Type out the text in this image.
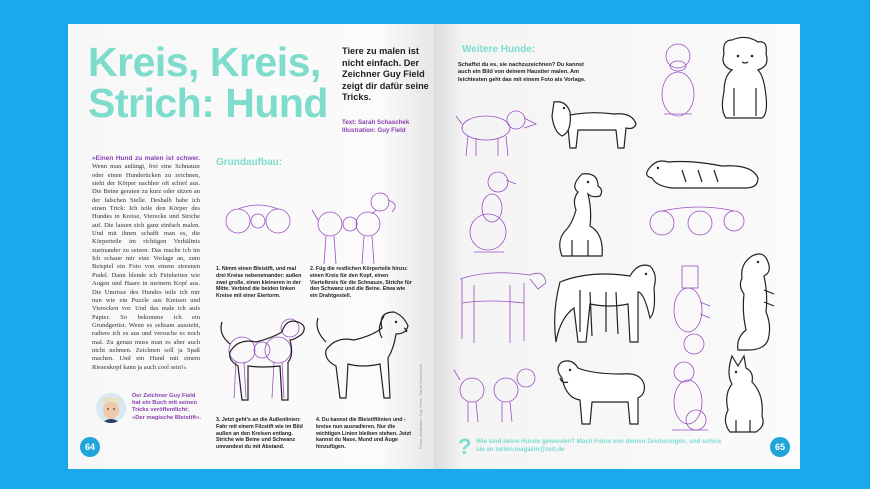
Kreis, Kreis,
Strich: Hund
Tiere zu malen ist nicht einfach. Der Zeichner Guy Field zeigt dir dafür seine Tricks.
Text: Sarah Schaschek
Illustration: Guy Field
»Einen Hund zu malen ist schwer. Wenn man anfängt, frei eine Schnauze oder einen Hunderücken zu zeichnen, sieht der Körper nachher oft schief aus. Die Beine geraten zu kurz oder sitzen an der falschen Stelle. Deshalb habe ich einen Trick: Ich teile den Körper des Hundes in Kreise, Vierecke und Striche auf. Die lassen sich ganz einfach malen. Und mit ihnen schafft man es, die Körperteile im richtigen Verhältnis zueinander zu setzen. Das mache ich im Ich schaue mir eine Vorlage an, zum Beispiel ein Foto von einem streunen Pudel. Dann blende ich Feinheiten wie Augen und Haare in meinem Kopf aus. Die Umrisse des Hundes teile ich mir nun wie ein Puzzle aus Kreisen und Vierecken vor. Und das male ich aufs Papier. So bekomme ich ein Grundgerüst. Wenn es seltsam aussieht, radiere ich es aus und versuche es noch mal. Zu genau muss man es aber auch nicht nehmen. Zeichnen soll ja Spaß machen. Und ein Hund mit einem Riesenkopf kann ja auch cool sein!«
Der Zeichner Guy Field hat ein Buch mit seinen Tricks veröffentlicht: »Der magische Bleistift«.
64
Grundaufbau:
1. Nimm einen Bleistift, und mal drei Kreise nebeneinander: außen zwei große, einen kleineren in der Mitte. Verbind die beiden linken Kreise mit einer Eiertorm.
2. Füg die restlichen Körperteile hinzu: einen Kreis für den Kopf, einen Viertelkreis für die Schnauze, Striche für den Schwanz und die Beine. Etwa wie ein Drahtgestell.
3. Jetzt geht's an die Außenlinien: Fahr mit einem Filzstift wie im Bild außen an den Kreisen entlang. Striche wie Beine und Schwanz umrandest du mit Abstand.
4. Du kannst die Bleistiftlinien und -kreise nun ausradieren. Nur die wichtigen Linien bleiben stehen. Jetzt kannst du Nase, Mund und Auge hinzufügen.	Fotos: Illustration: Guy Field · Sarah Schaschek
Weitere Hunde:
Schaffst du es, sie nachzuzeichnen? Du kannst auch ein Bild von deinem Haustier malen. Am leichtesten geht das mit einem Foto als Vorlage.
? Wie sind deine Hunde geworden? Mach Fotos von deinen Zeichnungen, und schick sie an zeiten.magazin@zeit.de	65
